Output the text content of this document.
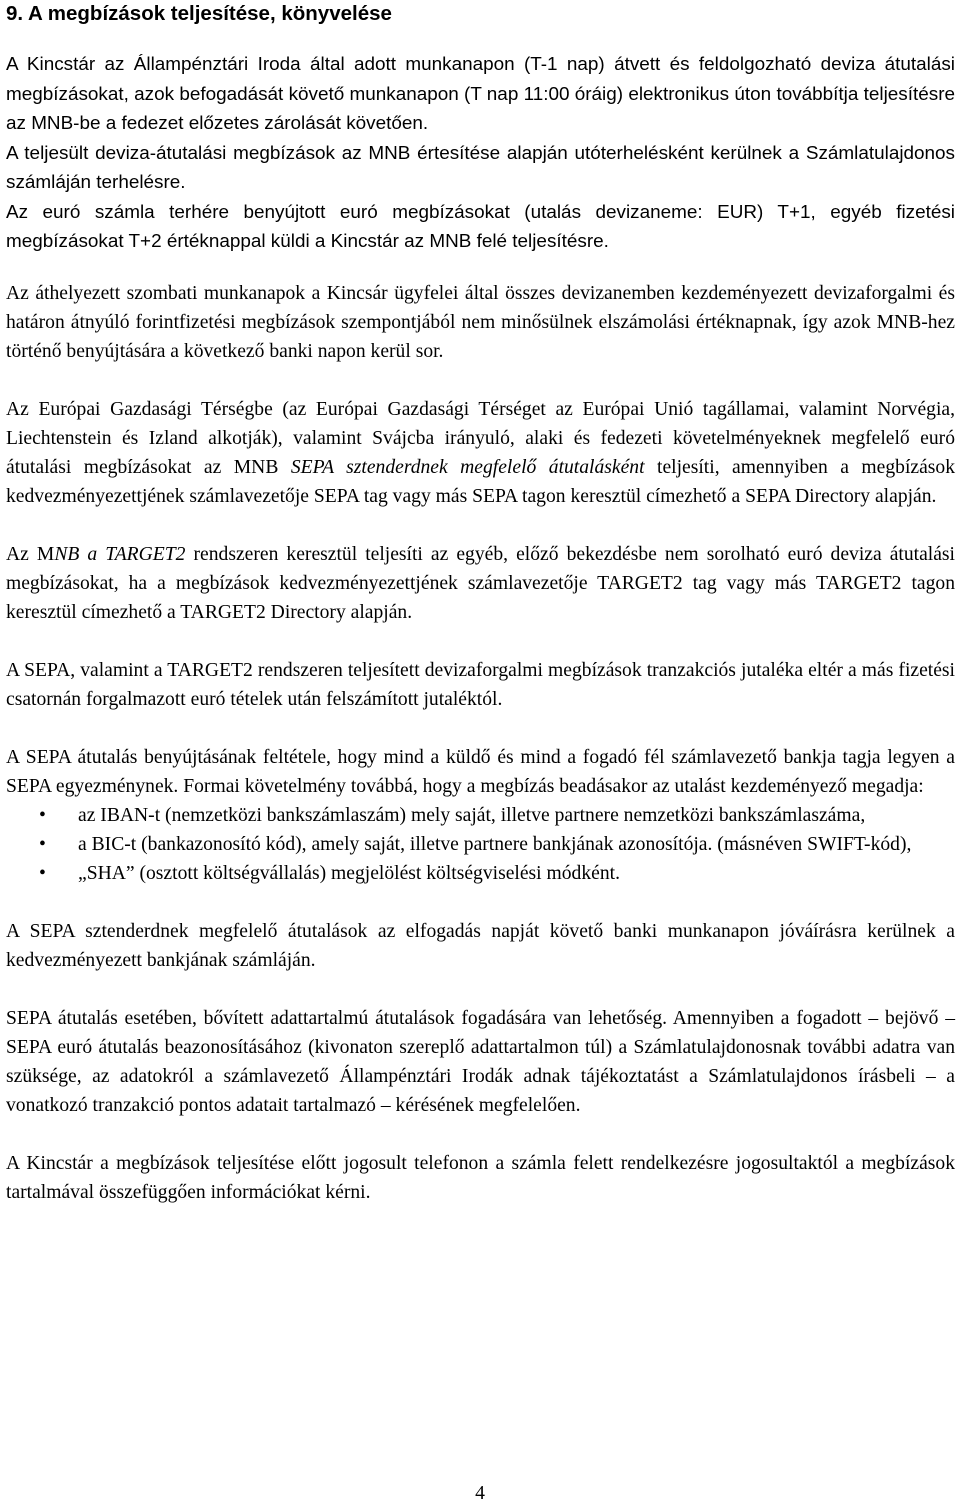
9. A megbízások teljesítése, könyvelése

A Kincstár az Állampénztári Iroda által adott munkanapon (T-1 nap) átvett és feldolgozható deviza átutalási megbízásokat, azok befogadását követő munkanapon (T nap 11:00 óráig) elektronikus úton továbbítja teljesítésre az MNB-be a fedezet előzetes zárolását követően.

A teljesült deviza-átutalási megbízások az MNB értesítése alapján utóterhelésként kerülnek a Számlatulajdonos számláján terhelésre.

Az euró számla terhére benyújtott euró megbízásokat (utalás devizaneme: EUR) T+1, egyéb fizetési megbízásokat T+2 értéknappal küldi a Kincstár az MNB felé teljesítésre.

Az áthelyezett szombati munkanapok a Kincsár ügyfelei által összes devizanemben kezdeményezett devizaforgalmi és határon átnyúló forintfizetési megbízások szempontjából nem minősülnek elszámolási értéknapnak, így azok MNB-hez történő benyújtására a következő banki napon kerül sor.

Az Európai Gazdasági Térségbe (az Európai Gazdasági Térséget az Európai Unió tagállamai, valamint Norvégia, Liechtenstein és Izland alkotják), valamint Svájcba irányuló, alaki és fedezeti követelményeknek megfelelő euró átutalási megbízásokat az MNB SEPA sztenderdnek megfelelő átutalásként teljesíti, amennyiben a megbízások kedvezményezettjének számlavezetője SEPA tag vagy más SEPA tagon keresztül címezhető a SEPA Directory alapján.

Az MNB a TARGET2 rendszeren keresztül teljesíti az egyéb, előző bekezdésbe nem sorolható euró deviza átutalási megbízásokat, ha a megbízások kedvezményezettjének számlavezetője TARGET2 tag vagy más TARGET2 tagon keresztül címezhető a TARGET2 Directory alapján.

A SEPA, valamint a TARGET2 rendszeren teljesített devizaforgalmi megbízások tranzakciós jutaléka eltér a más fizetési csatornán forgalmazott euró tételek után felszámított jutaléktól.

A SEPA átutalás benyújtásának feltétele, hogy mind a küldő és mind a fogadó fél számlavezető bankja tagja legyen a SEPA egyezménynek. Formai követelmény továbbá, hogy a megbízás beadásakor az utalást kezdeményező megadja:

• az IBAN-t (nemzetközi bankszámlaszám) mely saját, illetve partnere nemzetközi bankszámlaszáma,
• a BIC-t (bankazonosító kód), amely saját, illetve partnere bankjának azonosítója. (másnéven SWIFT-kód),
• „SHA” (osztott költségvállalás) megjelölést költségviselési módként.

A SEPA sztenderdnek megfelelő átutalások az elfogadás napját követő banki munkanapon jóváírásra kerülnek a kedvezményezett bankjának számláján.

SEPA átutalás esetében, bővített adattartalmú átutalások fogadására van lehetőség. Amennyiben a fogadott – bejövő – SEPA euró átutalás beazonosításához (kivonaton szereplő adattartalmon túl) a Számlatulajdonosnak további adatra van szüksége, az adatokról a számlavezető Állampénztári Irodák adnak tájékoztatást a Számlatulajdonos írásbeli – a vonatkozó tranzakció pontos adatait tartalmazó – kérésének megfelelően.

A Kincstár a megbízások teljesítése előtt jogosult telefonon a számla felett rendelkezésre jogosultaktól a megbízások tartalmával összefüggően információkat kérni.

4
